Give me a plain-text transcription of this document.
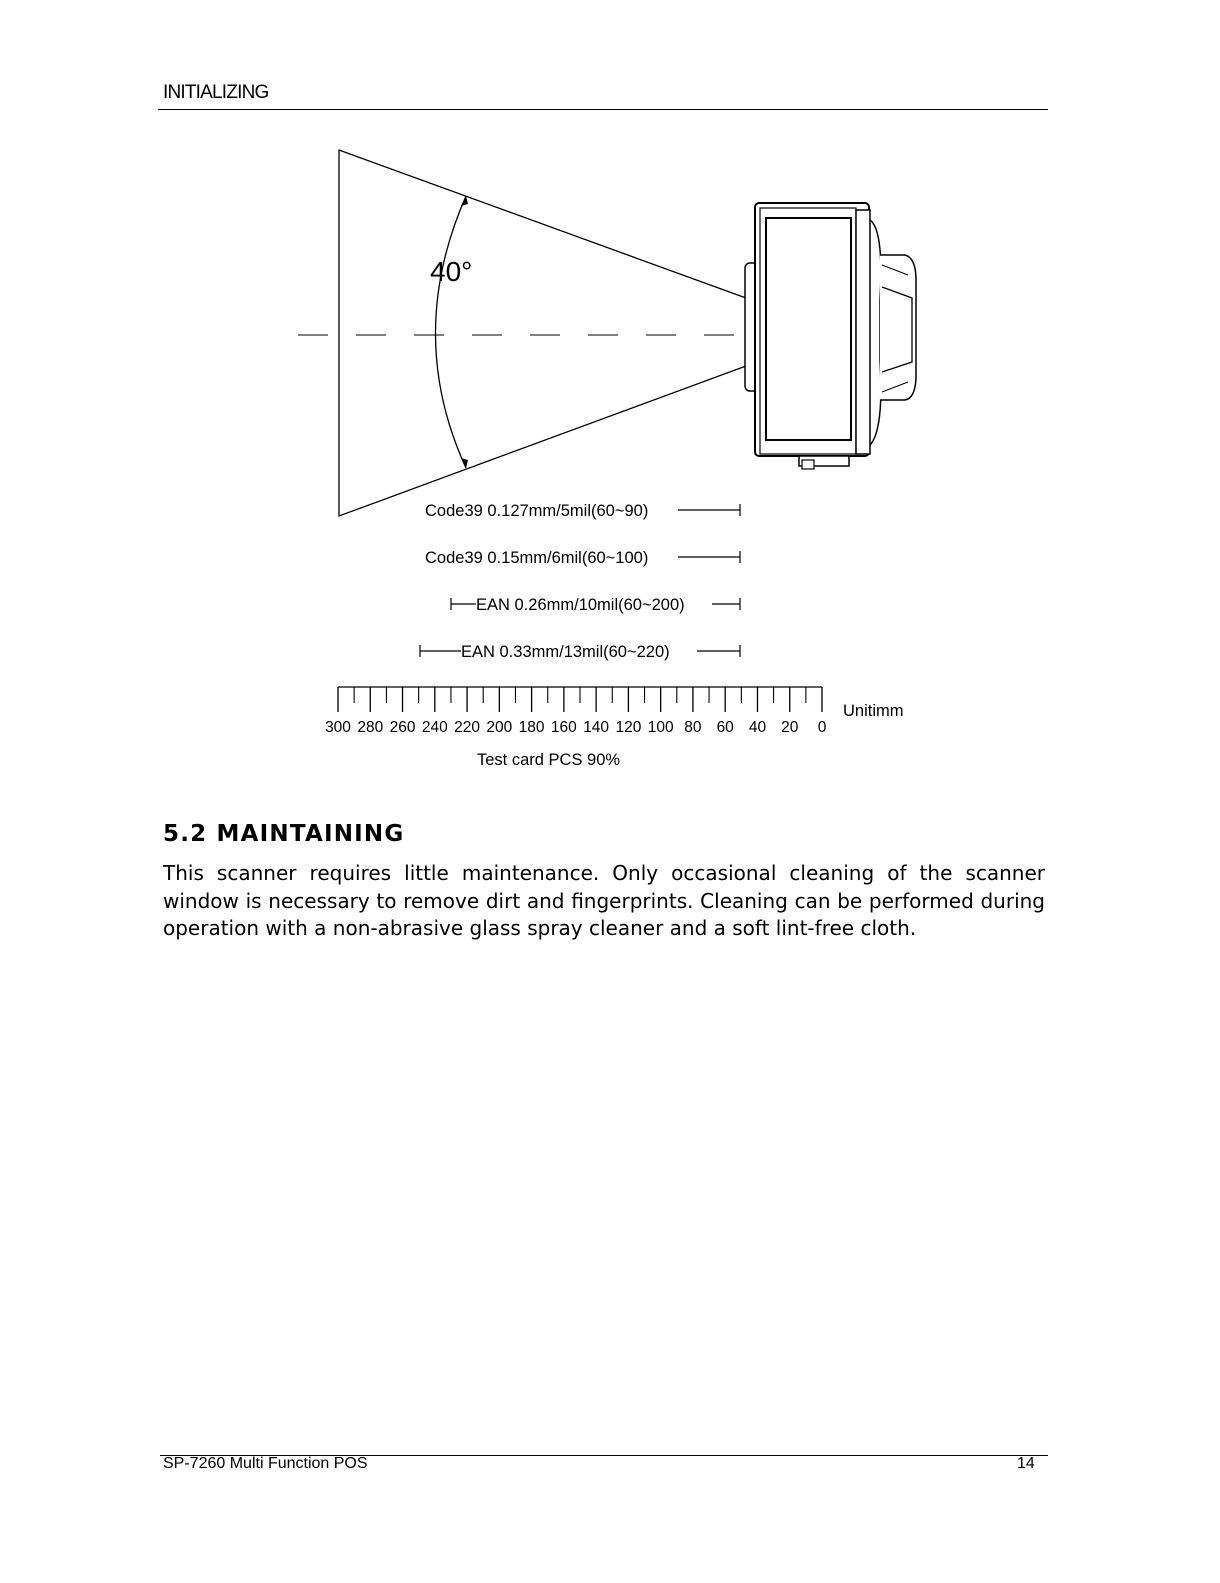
INITIALIZING
40°
Code39 0.127mm/5mil(60~90)
Code39 0.15mm/6mil(60~100)
EAN 0.26mm/10mil(60~200)
EAN 0.33mm/13mil(60~220)
300 280 260 240 220 200 180 160 140 120 100 80 60 40 20 0
Unitimm
Test card PCS 90%
5.2 MAINTAINING
This scanner requires little maintenance. Only occasional cleaning of the scanner window is necessary to remove dirt and fingerprints. Cleaning can be performed during operation with a non-abrasive glass spray cleaner and a soft lint-free cloth.
SP-7260 Multi Function POS	14
